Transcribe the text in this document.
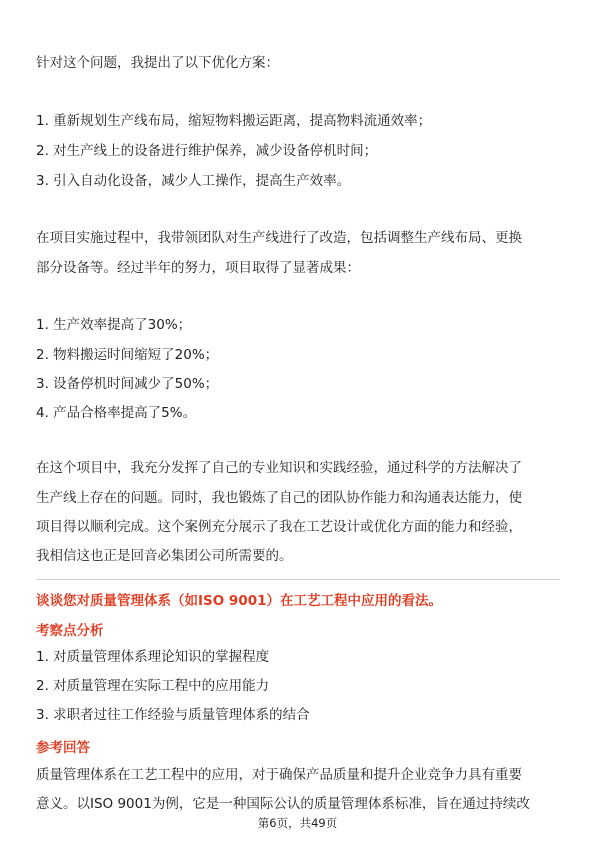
针对这个问题，我提出了以下优化方案：
1. 重新规划生产线布局，缩短物料搬运距离，提高物料流通效率；
2. 对生产线上的设备进行维护保养，减少设备停机时间；
3. 引入自动化设备，减少人工操作，提高生产效率。
在项目实施过程中，我带领团队对生产线进行了改造，包括调整生产线布局、更换
部分设备等。经过半年的努力，项目取得了显著成果：
1. 生产效率提高了30%；
2. 物料搬运时间缩短了20%；
3. 设备停机时间减少了50%；
4. 产品合格率提高了5%。
在这个项目中，我充分发挥了自己的专业知识和实践经验，通过科学的方法解决了
生产线上存在的问题。同时，我也锻炼了自己的团队协作能力和沟通表达能力，使
项目得以顺利完成。这个案例充分展示了我在工艺设计或优化方面的能力和经验，
我相信这也正是回音必集团公司所需要的。
谈谈您对质量管理体系（如ISO 9001）在工艺工程中应用的看法。
考察点分析
1. 对质量管理体系理论知识的掌握程度
2. 对质量管理在实际工程中的应用能力
3. 求职者过往工作经验与质量管理体系的结合
参考回答
质量管理体系在工艺工程中的应用，对于确保产品质量和提升企业竞争力具有重要
意义。以ISO 9001为例，它是一种国际公认的质量管理体系标准，旨在通过持续改
第6页，共49页
